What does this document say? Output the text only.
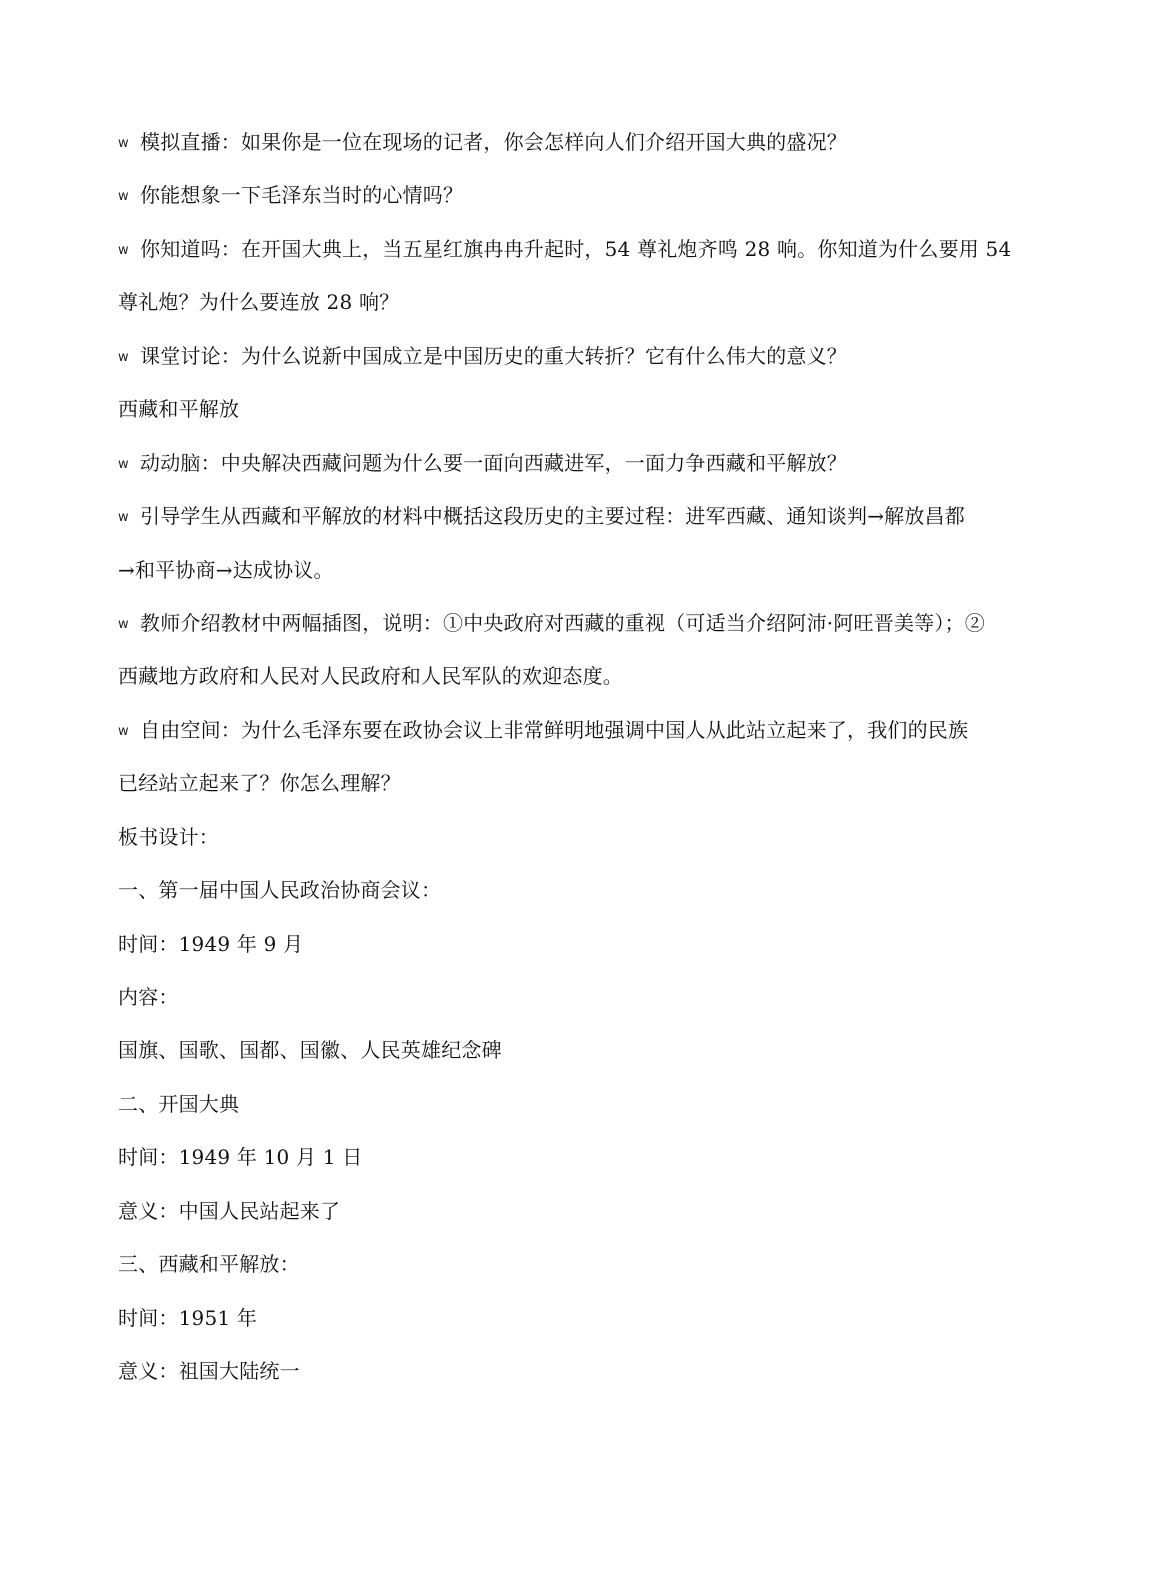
w 模拟直播：如果你是一位在现场的记者，你会怎样向人们介绍开国大典的盛况？
w 你能想象一下毛泽东当时的心情吗？
w 你知道吗：在开国大典上，当五星红旗冉冉升起时，54 尊礼炮齐鸣 28 响。你知道为什么要用 54
尊礼炮？为什么要连放 28 响？
w 课堂讨论：为什么说新中国成立是中国历史的重大转折？它有什么伟大的意义？
西藏和平解放
w 动动脑：中央解决西藏问题为什么要一面向西藏进军，一面力争西藏和平解放？
w 引导学生从西藏和平解放的材料中概括这段历史的主要过程：进军西藏、通知谈判→解放昌都
→和平协商→达成协议。
w 教师介绍教材中两幅插图，说明：①中央政府对西藏的重视（可适当介绍阿沛·阿旺晋美等）；②
西藏地方政府和人民对人民政府和人民军队的欢迎态度。
w 自由空间：为什么毛泽东要在政协会议上非常鲜明地强调中国人从此站立起来了，我们的民族
已经站立起来了？你怎么理解？
板书设计：
一、第一届中国人民政治协商会议：
时间：1949 年 9 月
内容：
国旗、国歌、国都、国徽、人民英雄纪念碑
二、开国大典
时间：1949 年 10 月 1 日
意义：中国人民站起来了
三、西藏和平解放：
时间：1951 年
意义：祖国大陆统一
